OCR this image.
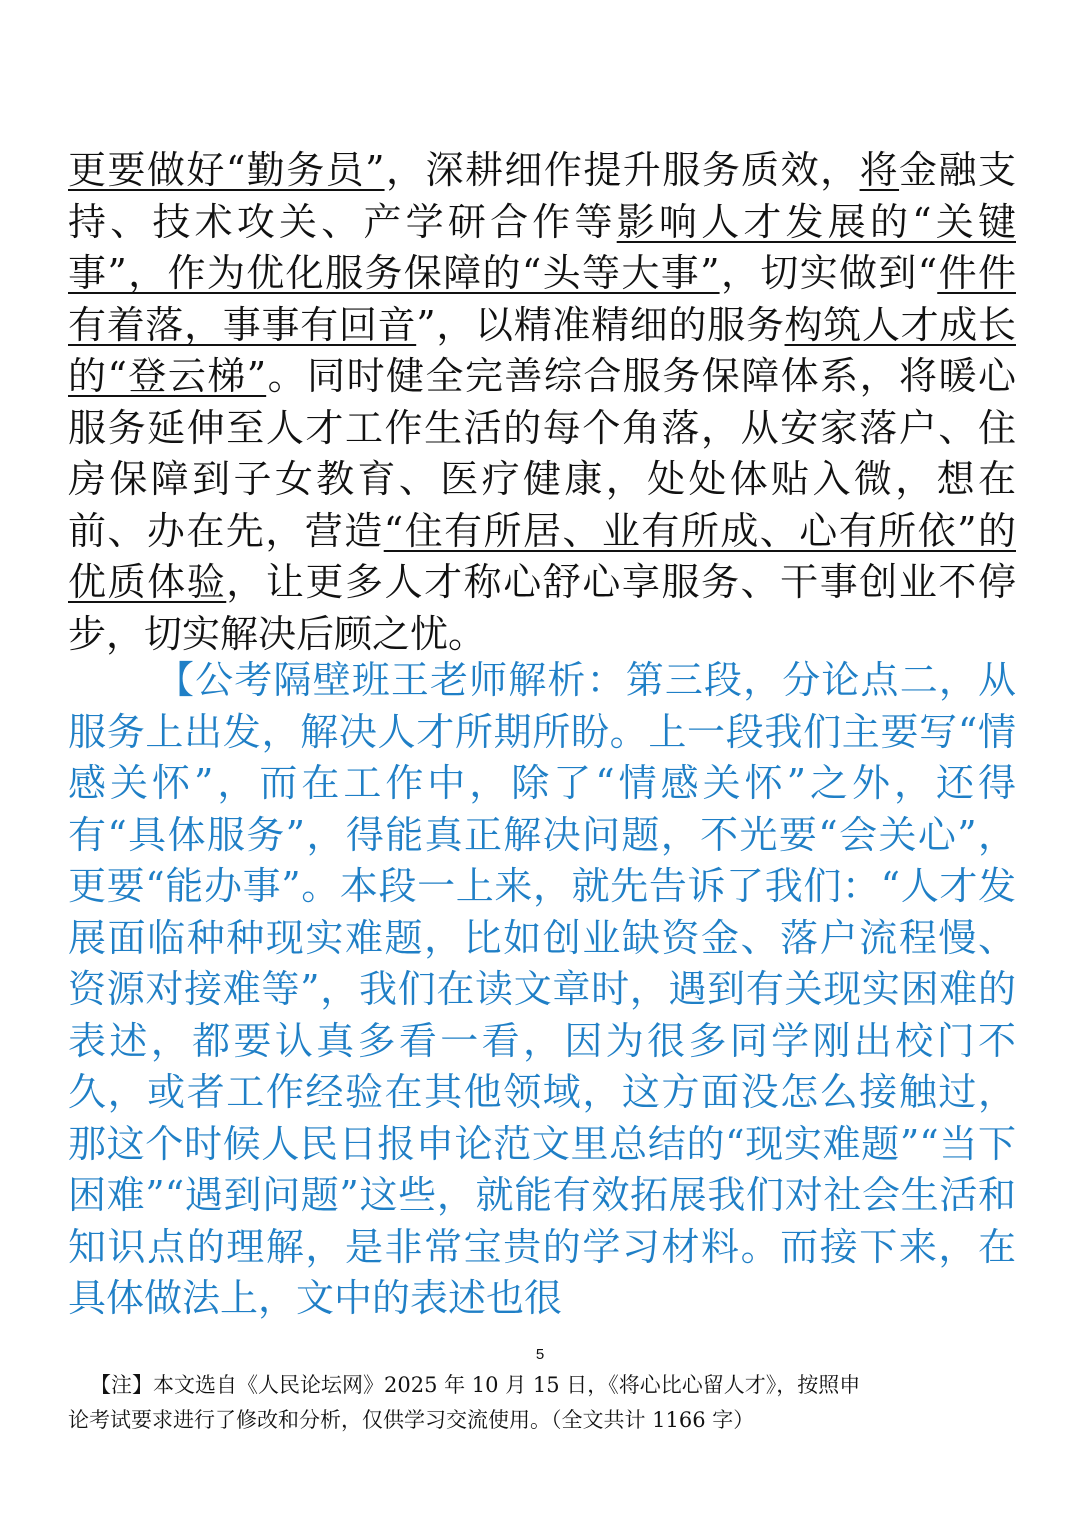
更要做好“勤务员”，深耕细作提升服务质效，将金融支持、技术攻关、产学研合作等影响人才发展的“关键事”，作为优化服务保障的“头等大事”，切实做到“件件有着落，事事有回音”，以精准精细的服务构筑人才成长的“登云梯”。同时健全完善综合服务保障体系，将暖心服务延伸至人才工作生活的每个角落，从安家落户、住房保障到子女教育、医疗健康，处处体贴入微，想在前、办在先，营造“住有所居、业有所成、心有所依”的优质体验，让更多人才称心舒心享服务、干事创业不停步，切实解决后顾之忧。

【公考隔壁班王老师解析：第三段，分论点二，从服务上出发，解决人才所期所盼。上一段我们主要写“情感关怀”，而在工作中，除了“情感关怀”之外，还得有“具体服务”，得能真正解决问题，不光要“会关心”，更要“能办事”。本段一上来，就先告诉了我们：“人才发展面临种种现实难题，比如创业缺资金、落户流程慢、资源对接难等”，我们在读文章时，遇到有关现实困难的表述，都要认真多看一看，因为很多同学刚出校门不久，或者工作经验在其他领域，这方面没怎么接触过，那这个时候人民日报申论范文里总结的“现实难题”“当下困难”“遇到问题”这些，就能有效拓展我们对社会生活和知识点的理解，是非常宝贵的学习材料。而接下来，在具体做法上，文中的表述也很

5

【注】本文选自《人民论坛网》2025 年 10 月 15 日，《将心比心留人才》，按照申
论考试要求进行了修改和分析，仅供学习交流使用。（全文共计 1166 字）
